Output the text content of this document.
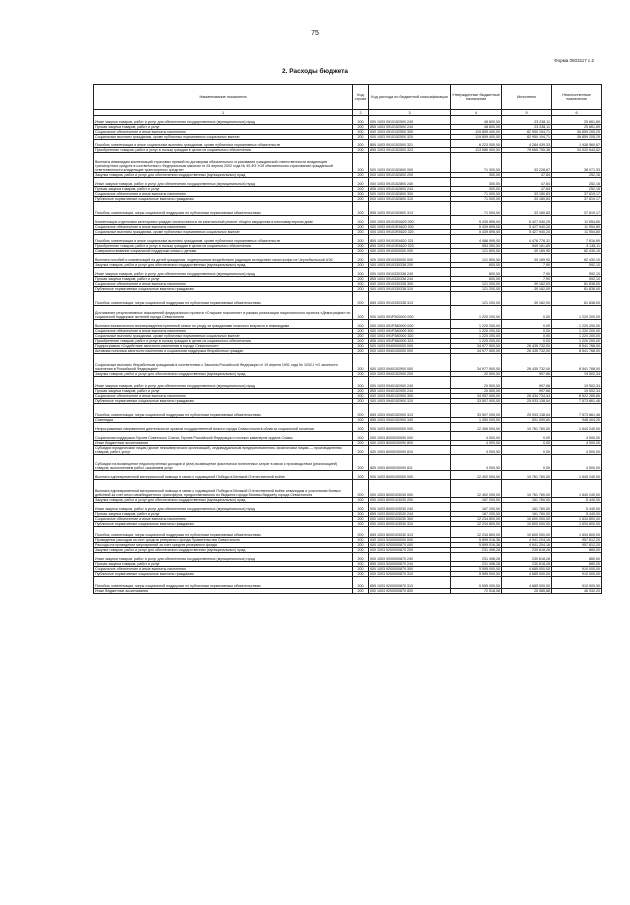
75
Форма 0503117 с.2
2. Расходы бюджета
Наименование показателя	Код строки	Код расхода по бюджетной классификации	Утвержденные бюджетные назначения	Исполнено	Неисполненные назначения
1	2	3	4	5	6
Иные закупки товаров, работ и услуг для обеспечения государственных (муниципальных) нужд	200	000 1003 0910152500 240	48 600,00	23 238,11	25 861,89
Прочая закупка товаров, работ и услуг	200	855 1003 0910152500 244	48 600,00	23 238,11	25 861,89
Социальное обеспечение и иные выплаты населению	200	000 1003 0910152500 300	119 809 400,00	82 950 194,71	36 859 205,29
Социальные выплаты гражданам, кроме публичных нормативных социальных выплат	200	000 1003 0910152500 320	119 809 400,00	82 950 194,71	36 859 205,29
Пособия, компенсации и иные социальные выплаты гражданам, кроме публичных нормативных обязательств	200	855 1003 0910152500 321	6 223 000,00	4 284 439,33	1 938 560,67
Приобретение товаров, работ и услуг в пользу граждан в целях их социального обеспечения	200	855 1003 0910152500 323	113 586 400,00	78 665 755,38	34 920 644,62
Выплаты инвалидам компенсаций страховых премий по договорам обязательного страхования гражданской ответственности владельцев транспортных средств в соответствии с Федеральным законом от 25 апреля 2002 года № 40-ФЗ «Об обязательном страховании гражданской ответственности владельцев транспортных средств»	200	000 1003 0910152800 000	71 300,00	33 228,67	38 071,33
Закупка товаров, работ и услуг для обеспечения государственных (муниципальных) нужд	200	000 1003 0910152800 200	300,00	47,84	252,16
Иные закупки товаров, работ и услуг для обеспечения государственных (муниципальных) нужд	200	000 1003 0910152800 240	300,00	47,84	252,16
Прочая закупка товаров, работ и услуг	200	855 1003 0910152800 244	300,00	47,84	252,16
Социальное обеспечение и иные выплаты населению	200	000 1003 0910152800 300	71 000,00	33 180,83	37 819,17
Публичные нормативные социальные выплаты гражданам	200	000 1003 0910152800 310	71 000,00	33 180,83	37 819,17
Пособия, компенсации, меры социальной поддержки по публичным нормативным обязательствам	200	855 1003 0910152800 313	71 000,00	33 180,83	37 819,17
Компенсация отдельным категориям граждан оплаты взноса на капитальный ремонт общего имущества в многоквартирном доме	200	000 1003 09101R4620 000	5 439 895,00	5 427 940,20	11 954,80
Социальное обеспечение и иные выплаты населению	200	000 1003 09101R4620 300	5 439 895,00	5 427 940,20	11 954,80
Социальные выплаты гражданам, кроме публичных нормативных социальных выплат	200	000 1003 09101R4620 320	5 439 895,00	5 427 940,20	11 954,80
Пособия, компенсации и иные социальные выплаты гражданам, кроме публичных нормативных обязательств	200	855 1003 09101R4620 321	4 486 595,00	4 478 778,31	7 816,69
Приобретение товаров, работ и услуг в пользу граждан в целях их социального обеспечения	200	855 1003 09101R4620 323	953 300,00	949 161,89	4 138,11
Совершенствование социальной поддержки семьи с детьми	200	000 1003 0910300000 000	121 800,00	39 169,90	82 430,10
Выплата пособий и компенсаций на детей гражданам, подвергшимся воздействию радиации вследствие катастрофы на Чернобыльской АЭС	200	000 1003 0910330000 000	121 800,00	39 169,90	82 430,10
Закупка товаров, работ и услуг для обеспечения государственных (муниципальных) нужд	200	000 1003 0910330338 200	600,00	7,90	592,10
Иные закупки товаров, работ и услуг для обеспечения государственных (муниципальных) нужд	200	000 1003 0910330338 240	600,00	7,90	592,10
Прочая закупка товаров, работ и услуг	200	855 1003 0910330338 244	600,00	7,90	592,10
Социальное обеспечение и иные выплаты населению	200	000 1003 0910330338 300	121 200,00	39 162,00	81 838,00
Публичные нормативные социальные выплаты гражданам	200	000 1003 0910330338 310	121 200,00	39 162,00	81 838,00
Пособия, компенсации, меры социальной поддержки по публичным нормативным обязательствам	200	855 1003 0910330338 313	121 200,00	39 162,00	81 838,00
Достижение результативных показателей федерального проекта «Старшее поколение» в рамках реализации национального проекта «Демография» по социальной поддержке жителей города Севастополя	200	000 1003 091P300000 000	1 220 200,00	0,00	1 220 200,00
Выплата ежемесячного вознаграждения приемной семье по уходу за гражданами пожилого возраста и инвалидами	200	000 1003 091P380000 000	1 220 200,00	0,00	1 220 200,00
Социальное обеспечение и иные выплаты населению	200	000 1003 091P380000 300	1 220 200,00	0,00	1 220 200,00
Социальные выплаты гражданам, кроме публичных нормативных социальных выплат	200	000 1003 091P380000 320	1 220 200,00	0,00	1 220 200,00
Приобретение товаров, работ и услуг в пользу граждан в целях их социального обеспечения	200	855 1003 091P380000 323	1 220 200,00	0,00	1 220 200,00
Подпрограмма «Содействие занятости населения в городе Севастополе»	200	000 1003 0940000000 000	34 977 500,00	26 435 732,00	8 541 768,00
Активная политика занятости населения и социальная поддержка безработных граждан	200	000 1003 0940100000 000	34 977 500,00	26 435 732,00	8 541 768,00
Социальные выплаты безработным гражданам в соответствии с Законом Российской Федерации от 19 апреля 1991 года № 1032-I «О занятости населения в Российской Федерации»	200	000 1003 0940152900 000	34 977 500,00	26 435 732,00	8 541 768,00
Закупка товаров, работ и услуг для обеспечения государственных (муниципальных) нужд	200	000 1003 0940152900 200	20 500,00	997,66	19 502,34
Иные закупки товаров, работ и услуг для обеспечения государственных (муниципальных) нужд	200	000 1003 0940152900 240	20 500,00	997,66	19 502,34
Прочая закупка товаров, работ и услуг	200	855 1003 0940152900 244	20 500,00	997,66	19 502,34
Социальное обеспечение и иные выплаты населению	200	000 1003 0940152900 300	34 957 000,00	26 434 734,34	8 522 265,66
Публичные нормативные социальные выплаты гражданам	200	000 1003 0940152900 310	33 507 000,00	25 933 138,54	7 573 861,46
Пособия, компенсации, меры социальной поддержки по публичным нормативным обязательствам	200	855 1003 0940152900 313	33 507 000,00	25 933 138,54	7 573 861,46
Стипендии	200	855 1003 0940152900 340	1 450 000,00	501 595,80	948 404,20
Непрограммные направления деятельности органов государственной власти города Севастополя в области социальной политики	200	000 1003 8000000000 000	12 406 000,00	10 761 760,00	1 644 240,00
Социальная поддержка Героев Советского Союза, Героев Российской Федерации и полных кавалеров ордена Славы	200	000 1003 8000030090 000	4 000,00	0,00	4 000,00
Иные бюджетные ассигнования	200	000 1003 8000030090 800	4 000,00	0,00	4 000,00
Субсидии юридическим лицам (кроме некоммерческих организаций), индивидуальным предпринимателям, физическим лицам — производителям товаров, работ, услуг	200	000 1003 8000030090 810	4 000,00	0,00	4 000,00
Субсидии на возмещение недополученных доходов и (или) возмещение фактически понесенных затрат в связи с производством (реализацией) товаров, выполнением работ, оказанием услуг	200	805 1003 8000030090 811	4 000,00	0,00	4 000,00
Выплата единовременной материальной помощи в связи с годовщиной Победы в Великой Отечественной войне	200	000 1003 8000100000 000	12 402 000,00	10 761 760,00	1 640 240,00
Выплата единовременной материальной помощи в связи с годовщиной Победы в Великой Отечественной войне инвалидам и участникам боевых действий за счет иного межбюджетного трансферта, предоставляемого из бюджета города Москвы бюджету города Севастополя	200	000 1003 8000103030 000	12 402 000,00	10 761 760,00	1 640 240,00
Закупка товаров, работ и услуг для обеспечения государственных (муниципальных) нужд	200	000 1003 8000103030 200	167 200,00	161 760,00	5 440,00
Иные закупки товаров, работ и услуг для обеспечения государственных (муниципальных) нужд	200	000 1003 8000103030 240	167 200,00	161 760,00	5 440,00
Прочая закупка товаров, работ и услуг	200	855 1003 8000103030 244	167 200,00	161 760,00	5 440,00
Социальное обеспечение и иные выплаты населению	200	000 1003 8000103030 300	12 234 800,00	10 600 000,00	1 634 800,00
Публичные нормативные социальные выплаты гражданам	200	000 1003 8000103030 310	12 234 800,00	10 600 000,00	1 634 800,00
Пособия, компенсации, меры социальной поддержки по публичным нормативным обязательствам	200	855 1003 8000103030 313	12 234 800,00	10 600 000,00	1 634 800,00
Проведение расходов за счет средств резервного фонда Правительства Севастополя	200	000 1003 9200000000 000	5 899 016,36	4 941 204,16	957 812,20
Расходы на проведение мероприятий за счет средств резервного фонда	200	000 1003 9200000870 000	5 899 016,36	4 941 204,16	957 812,20
Закупка товаров, работ и услуг для обеспечения государственных (муниципальных) нужд	200	000 1003 9200000870 200	231 498,28	230 618,28	880,00
Иные закупки товаров, работ и услуг для обеспечения государственных (муниципальных) нужд	200	000 1003 9200000870 240	231 498,28	230 618,28	880,00
Прочая закупка товаров, работ и услуг	200	855 1003 9200000870 244	231 498,28	230 618,28	880,00
Социальное обеспечение и иные выплаты населению	200	000 1003 9200000870 300	5 595 000,00	4 685 000,00	910 000,00
Публичные нормативные социальные выплаты гражданам	200	000 1003 9200000870 310	5 595 000,00	4 685 000,00	910 000,00
Пособия, компенсации, меры социальной поддержки по публичным нормативным обязательствам	200	855 1003 9200000870 313	5 595 000,00	4 685 000,00	910 000,00
Иные бюджетные ассигнования	200	000 1003 9200000870 800	72 518,08	25 585,88	46 932,20
